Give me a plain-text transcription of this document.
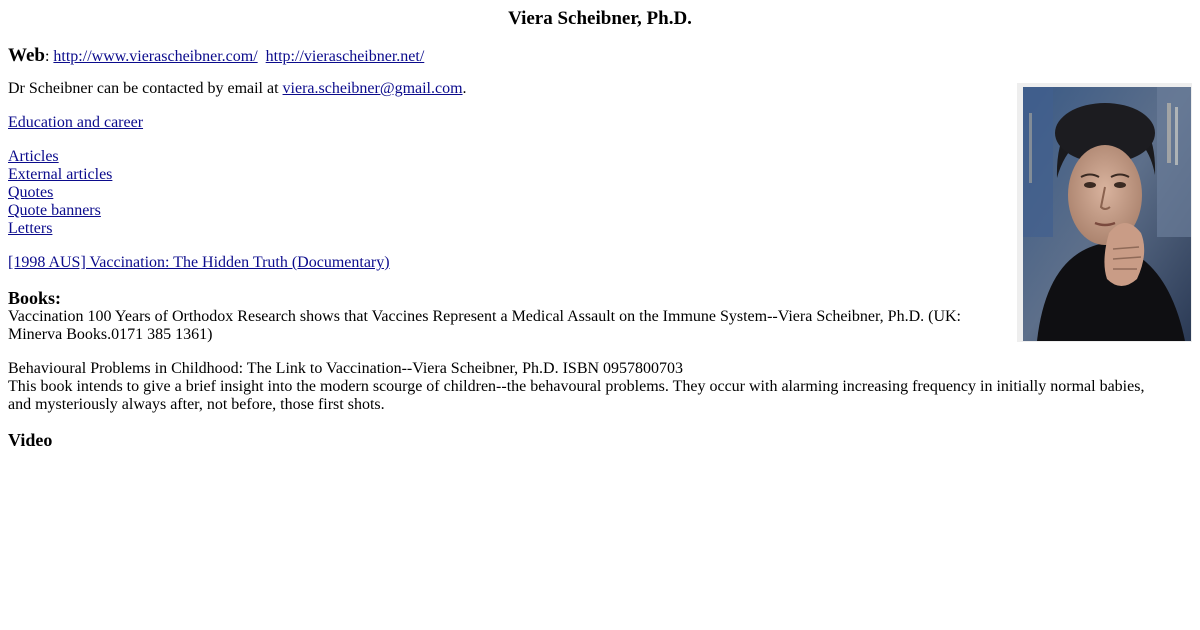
Viera Scheibner, Ph.D.
Web: http://www.vierascheibner.com/ http://vierascheibner.net/
Dr Scheibner can be contacted by email at viera.scheibner@gmail.com.
Education and career
Articles
External articles
Quotes
Quote banners
Letters
[1998 AUS] Vaccination: The Hidden Truth (Documentary)
Books:
Vaccination 100 Years of Orthodox Research shows that Vaccines Represent a Medical Assault on the Immune System--Viera Scheibner, Ph.D. (UK: Minerva Books.0171 385 1361)
Behavioural Problems in Childhood: The Link to Vaccination--Viera Scheibner, Ph.D. ISBN 0957800703
This book intends to give a brief insight into the modern scourge of children--the behavoural problems. They occur with alarming increasing frequency in initially normal babies, and mysteriously always after, not before, those first shots.
Video
